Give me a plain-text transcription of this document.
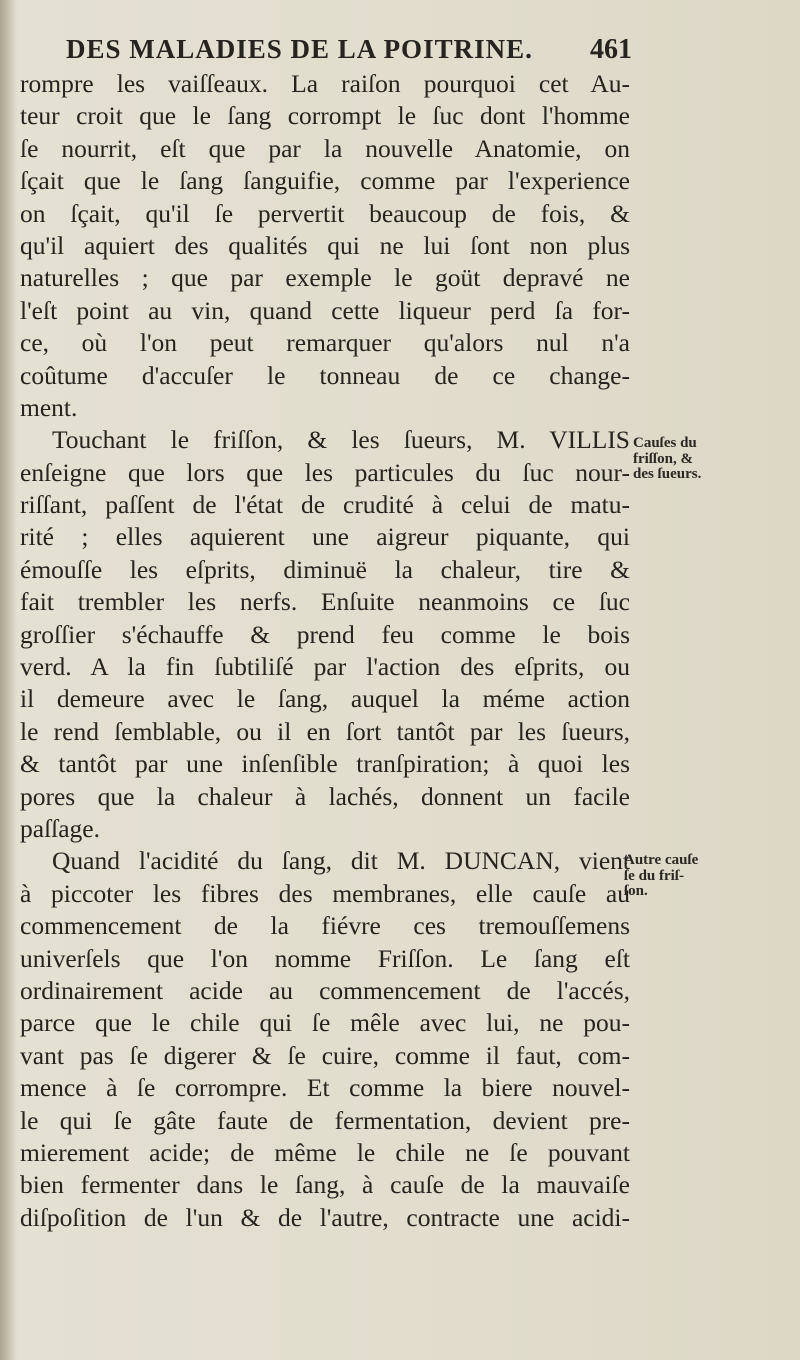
DES MALADIES DE LA POITRINE. 461
rompre les vaiſſeaux. La raiſon pourquoi cet Au-
teur croit que le ſang corrompt le ſuc dont l'homme
ſe nourrit, eſt que par la nouvelle Anatomie, on
ſçait que le ſang ſanguifie, comme par l'experience
on ſçait, qu'il ſe pervertit beaucoup de fois, &
qu'il aquiert des qualités qui ne lui ſont non plus
naturelles ; que par exemple le goüt depravé ne
l'eſt point au vin, quand cette liqueur perd ſa for-
ce, où l'on peut remarquer qu'alors nul n'a
coûtume d'accuſer le tonneau de ce change-
ment.
Touchant le friſſon, & les ſueurs, M. VILLIS
enſeigne que lors que les particules du ſuc nour-
riſſant, paſſent de l'état de crudité à celui de matu-
rité ; elles aquierent une aigreur piquante, qui
émouſſe les eſprits, diminuë la chaleur, tire &
fait trembler les nerfs. Enſuite neanmoins ce ſuc
groſſier s'échauffe & prend feu comme le bois
verd. A la fin ſubtiliſé par l'action des eſprits, ou
il demeure avec le ſang, auquel la méme action
le rend ſemblable, ou il en ſort tantôt par les ſueurs,
& tantôt par une inſenſible tranſpiration; à quoi les
pores que la chaleur à lachés, donnent un facile
paſſage.
Quand l'acidité du ſang, dit M. DUNCAN, vient
à piccoter les fibres des membranes, elle cauſe au
commencement de la fiévre ces tremouſſemens
univerſels que l'on nomme Friſſon. Le ſang eſt
ordinairement acide au commencement de l'accés,
parce que le chile qui ſe mêle avec lui, ne pou-
vant pas ſe digerer & ſe cuire, comme il faut, com-
mence à ſe corrompre. Et comme la biere nouvel-
le qui ſe gâte faute de fermentation, devient pre-
mierement acide; de même le chile ne ſe pouvant
bien fermenter dans le ſang, à cauſe de la mauvaiſe
diſpoſition de l'un & de l'autre, contracte une acidi-
Cauſes du
friſſon, &
des ſueurs.
Autre cauſe
ſe du friſ-
ſon.
